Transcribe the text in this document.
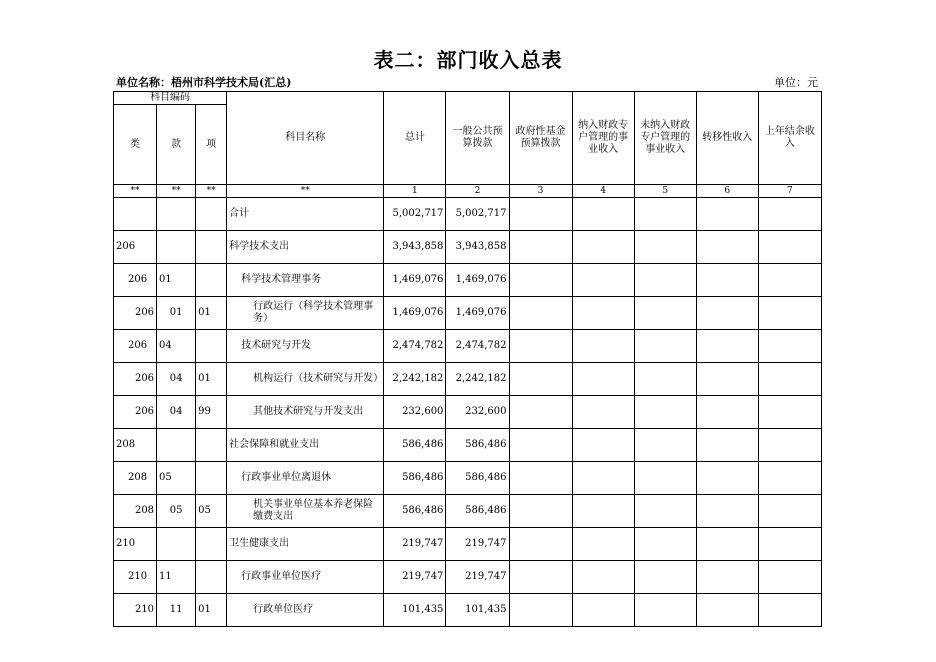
表二：部门收入总表
单位名称：梧州市科学技术局(汇总)	单位：元
科目编码			科目名称	总计	一般公共预算拨款	政府性基金预算拨款	纳入财政专户管理的事业收入	未纳入财政专户管理的事业收入	转移性收入	上年结余收入
类	款	项								
**	**	**	**	1	2	3	4	5	6	7
			合计	5,002,717	5,002,717					
206			科学技术支出	3,943,858	3,943,858					
206	01		科学技术管理事务	1,469,076	1,469,076					
206	01	01	行政运行（科学技术管理事务）	1,469,076	1,469,076					
206	04		技术研究与开发	2,474,782	2,474,782					
206	04	01	机构运行（技术研究与开发）	2,242,182	2,242,182					
206	04	99	其他技术研究与开发支出	232,600	232,600					
208			社会保障和就业支出	586,486	586,486					
208	05		行政事业单位离退休	586,486	586,486					
208	05	05	机关事业单位基本养老保险缴费支出	586,486	586,486					
210			卫生健康支出	219,747	219,747					
210	11		行政事业单位医疗	219,747	219,747					
210	11	01	行政单位医疗	101,435	101,435					
